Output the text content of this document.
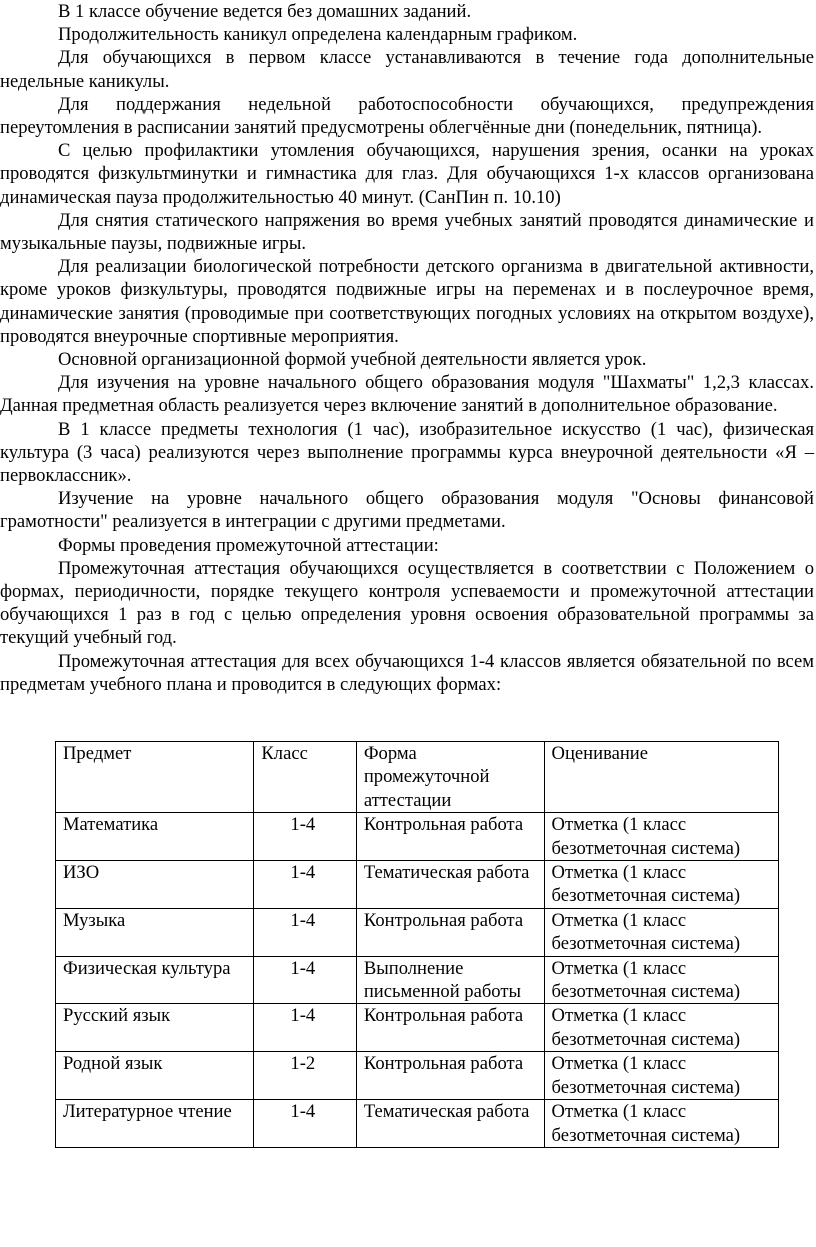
В 1 классе обучение ведется без домашних заданий.

Продолжительность каникул определена календарным графиком.

Для обучающихся в первом классе устанавливаются в течение года дополнительные недельные каникулы.

Для поддержания недельной работоспособности обучающихся, предупреждения переутомления в расписании занятий предусмотрены облегчённые дни (понедельник, пятница).

С целью профилактики утомления обучающихся, нарушения зрения, осанки на уроках проводятся физкультминутки и гимнастика для глаз. Для обучающихся 1-х классов организована динамическая пауза продолжительностью 40 минут. (СанПин п. 10.10)

Для снятия статического напряжения во время учебных занятий проводятся динамические и музыкальные паузы, подвижные игры.

Для реализации биологической потребности детского организма в двигательной активности, кроме уроков физкультуры, проводятся подвижные игры на переменах и в послеурочное время, динамические занятия (проводимые при соответствующих погодных условиях на открытом воздухе), проводятся внеурочные спортивные мероприятия.

Основной организационной формой учебной деятельности является урок.

Для изучения на уровне начального общего образования модуля "Шахматы" 1,2,3 классах. Данная предметная область реализуется через включение занятий в дополнительное образование.

В 1 классе предметы технология (1 час), изобразительное искусство (1 час), физическая культура (3 часа) реализуются через выполнение программы курса внеурочной деятельности «Я – первоклассник».

Изучение на уровне начального общего образования модуля "Основы финансовой грамотности" реализуется в интеграции с другими предметами.

Формы проведения промежуточной аттестации:

Промежуточная аттестация обучающихся осуществляется в соответствии с Положением о формах, периодичности, порядке текущего контроля успеваемости и промежуточной аттестации обучающихся 1 раз в год с целью определения уровня освоения образовательной программы за текущий учебный год.

Промежуточная аттестация для всех обучающихся 1-4 классов является обязательной по всем предметам учебного плана и проводится в следующих формах:

Предмет	Класс	Форма промежуточной аттестации	Оценивание
Математика	1-4	Контрольная работа	Отметка (1 класс безотметочная система)
ИЗО	1-4	Тематическая работа	Отметка (1 класс безотметочная система)
Музыка	1-4	Контрольная работа	Отметка (1 класс безотметочная система)
Физическая культура	1-4	Выполнение письменной работы	Отметка (1 класс безотметочная система)
Русский язык	1-4	Контрольная работа	Отметка (1 класс безотметочная система)
Родной язык	1-2	Контрольная работа	Отметка (1 класс безотметочная система)
Литературное чтение	1-4	Тематическая работа	Отметка (1 класс безотметочная система)
